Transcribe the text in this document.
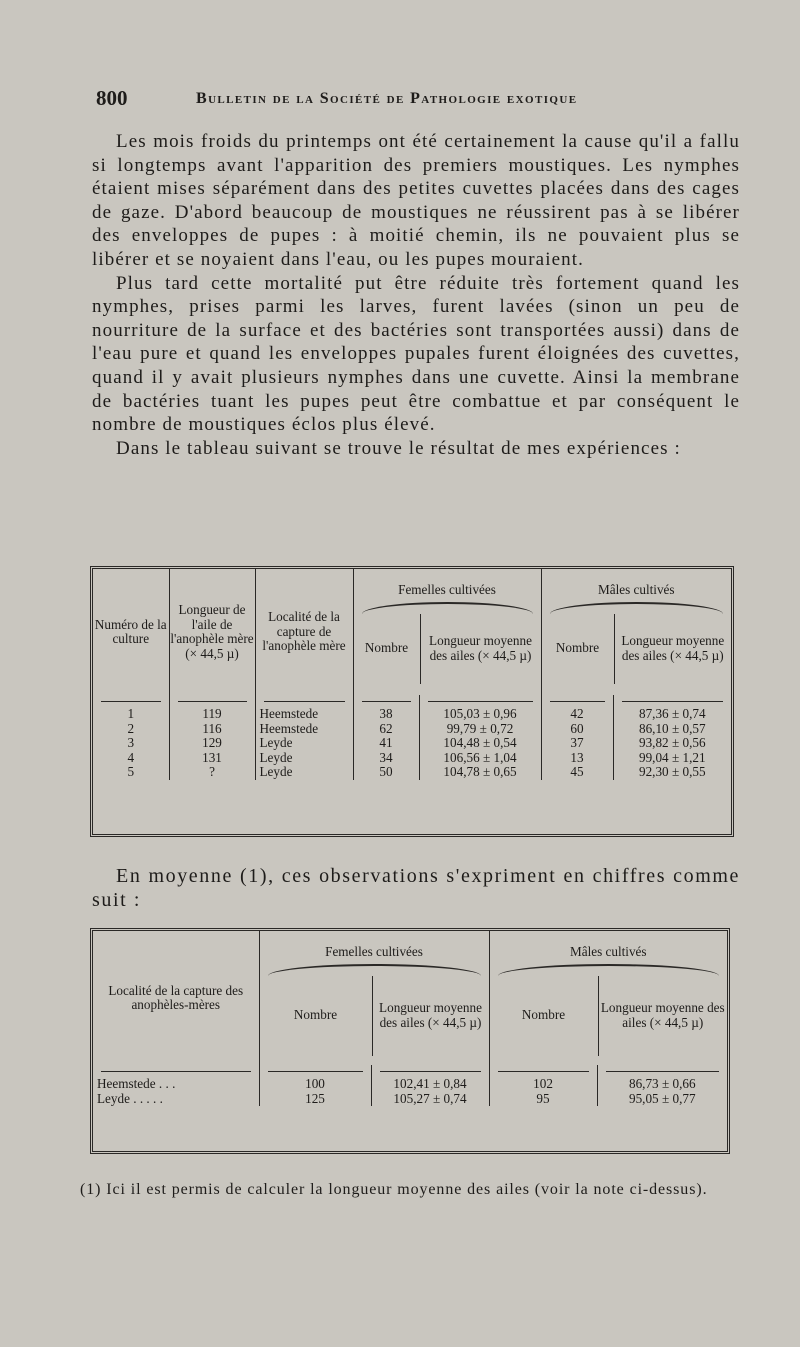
800	Bulletin de la Société de Pathologie exotique

Les mois froids du printemps ont été certainement la cause qu'il a fallu si longtemps avant l'apparition des premiers moustiques. Les nymphes étaient mises séparément dans des petites cuvettes placées dans des cages de gaze. D'abord beaucoup de moustiques ne réussirent pas à se libérer des enveloppes de pupes : à moitié chemin, ils ne pouvaient plus se libérer et se noyaient dans l'eau, ou les pupes mouraient.

Plus tard cette mortalité put être réduite très fortement quand les nymphes, prises parmi les larves, furent lavées (sinon un peu de nourriture de la surface et des bactéries sont transportées aussi) dans de l'eau pure et quand les enveloppes pupales furent éloignées des cuvettes, quand il y avait plusieurs nymphes dans une cuvette. Ainsi la membrane de bactéries tuant les pupes peut être combattue et par conséquent le nombre de moustiques éclos plus élevé.

Dans le tableau suivant se trouve le résultat de mes expériences :

Numéro de la culture	Longueur de l'aile de l'anophèle mère (× 44,5 µ)	Localité de la capture de l'anophèle mère	Femelles cultivées
Nombre	Longueur moyenne des ailes (× 44,5 µ)
	Mâles cultivés
Nombre	Longueur moyenne des ailes (× 44,5 µ)

1	119	Heemstede	38	105,03 ± 0,96	42	87,36 ± 0,74
2	116	Heemstede	62	99,79 ± 0,72	60	86,10 ± 0,57
3	129	Leyde	41	104,48 ± 0,54	37	93,82 ± 0,56
4	131	Leyde	34	106,56 ± 1,04	13	99,04 ± 1,21
5	?	Leyde	50	104,78 ± 0,65	45	92,30 ± 0,55

En moyenne (1), ces observations s'expriment en chiffres comme suit :

Localité de la capture des anophèles-mères	Femelles cultivées
Nombre	Longueur moyenne des ailes (× 44,5 µ)
	Mâles cultivés
Nombre	Longueur moyenne des ailes (× 44,5 µ)

Heemstede . . .	100	102,41 ± 0,84	102	86,73 ± 0,66
Leyde . . . . .	125	105,27 ± 0,74	95	95,05 ± 0,77
(1) Ici il est permis de calculer la longueur moyenne des ailes (voir la note ci-dessus).
